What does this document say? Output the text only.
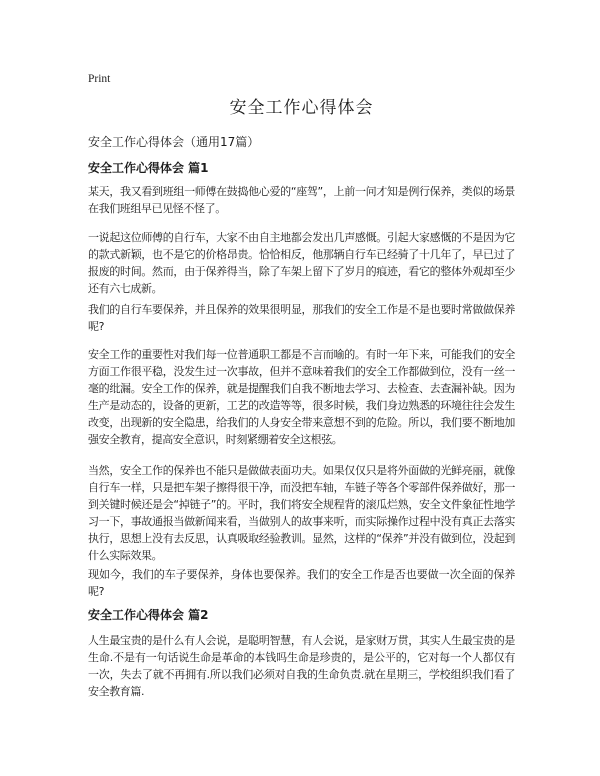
Print
安全工作心得体会
安全工作心得体会（通用17篇）
安全工作心得体会 篇1

某天，我又看到班组一师傅在鼓捣他心爱的“座驾”，上前一问才知是例行保养，类似的场景在我们班组早已见怪不怪了。

一说起这位师傅的自行车，大家不由自主地都会发出几声感慨。引起大家感慨的不是因为它的款式新颖，也不是它的价格昂贵。恰恰相反，他那辆自行车已经骑了十几年了，早已过了报废的时间。然而，由于保养得当，除了车架上留下了岁月的痕迹，看它的整体外观却至少还有六七成新。

我们的自行车要保养，并且保养的效果很明显，那我们的安全工作是不是也要时常做做保养呢?

安全工作的重要性对我们每一位普通职工都是不言而喻的。有时一年下来，可能我们的安全方面工作很平稳，没发生过一次事故，但并不意味着我们的安全工作都做到位，没有一丝一毫的纰漏。安全工作的保养，就是提醒我们自我不断地去学习、去检查、去查漏补缺。因为生产是动态的，设备的更新，工艺的改造等等，很多时候，我们身边熟悉的环境往往会发生改变，出现新的安全隐患，给我们的人身安全带来意想不到的危险。所以，我们要不断地加强安全教育，提高安全意识，时刻紧绷着安全这根弦。

当然，安全工作的保养也不能只是做做表面功夫。如果仅仅只是将外面做的光鲜亮丽，就像自行车一样，只是把车架子擦得很干净，而没把车轴，车链子等各个零部件保养做好，那一到关键时候还是会“掉链子”的。平时，我们将安全规程背的滚瓜烂熟，安全文件象征性地学习一下，事故通报当做新闻来看，当做别人的故事来听，而实际操作过程中没有真正去落实执行，思想上没有去反思，认真吸取经验教训。显然，这样的“保养”并没有做到位，没起到什么实际效果。

现如今，我们的车子要保养，身体也要保养。我们的安全工作是否也要做一次全面的保养呢?

安全工作心得体会 篇2

人生最宝贵的是什么有人会说，是聪明智慧，有人会说，是家财万贯，其实人生最宝贵的是生命.不是有一句话说生命是革命的本钱吗生命是珍贵的，是公平的，它对每一个人都仅有一次，失去了就不再拥有.所以我们必须对自我的生命负责.就在星期三，学校组织我们看了安全教育篇.
